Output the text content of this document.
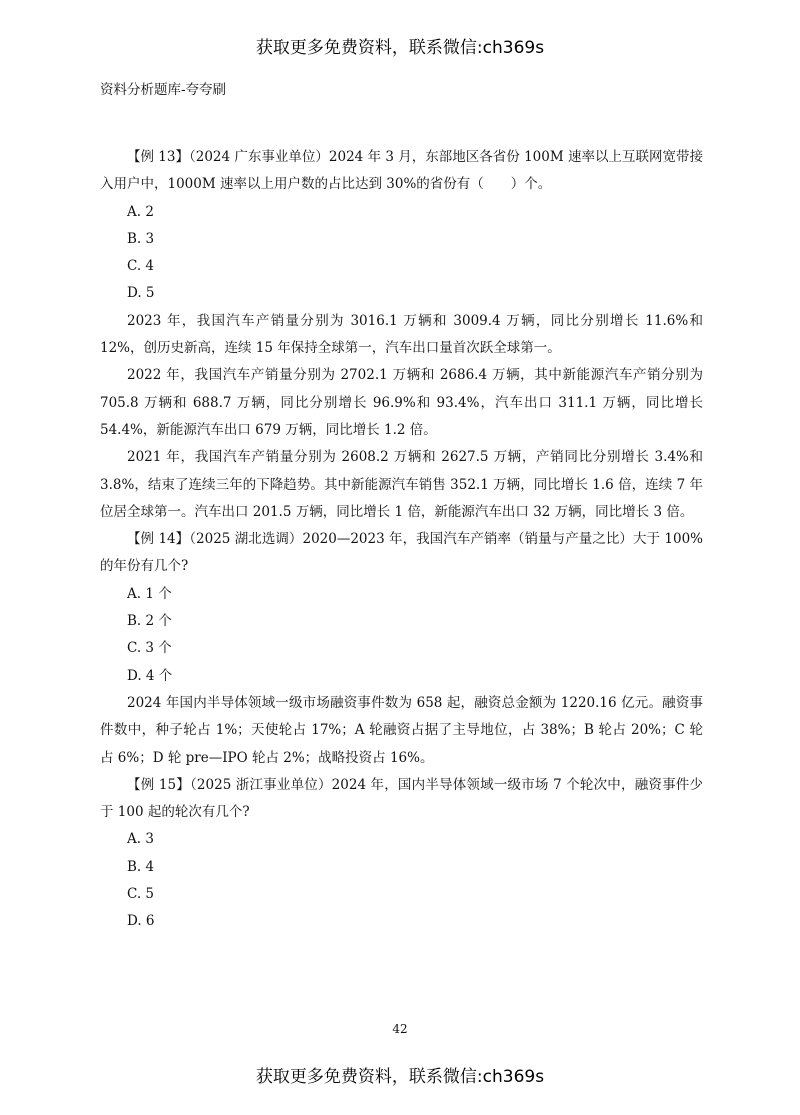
获取更多免费资料，联系微信:ch369s
资料分析题库-夸夸刷

【例 13】（2024 广东事业单位）2024 年 3 月，东部地区各省份 100M 速率以上互联网宽带接入用户中，1000M 速率以上用户数的占比达到 30%的省份有（　　）个。

A. 2

B. 3

C. 4

D. 5

2023 年，我国汽车产销量分别为 3016.1 万辆和 3009.4 万辆，同比分别增长 11.6%和 12%，创历史新高，连续 15 年保持全球第一，汽车出口量首次跃全球第一。

2022 年，我国汽车产销量分别为 2702.1 万辆和 2686.4 万辆，其中新能源汽车产销分别为 705.8 万辆和 688.7 万辆，同比分别增长 96.9%和 93.4%，汽车出口 311.1 万辆，同比增长 54.4%，新能源汽车出口 679 万辆，同比增长 1.2 倍。

2021 年，我国汽车产销量分别为 2608.2 万辆和 2627.5 万辆，产销同比分别增长 3.4%和 3.8%，结束了连续三年的下降趋势。其中新能源汽车销售 352.1 万辆，同比增长 1.6 倍，连续 7 年位居全球第一。汽车出口 201.5 万辆，同比增长 1 倍，新能源汽车出口 32 万辆，同比增长 3 倍。

【例 14】（2025 湖北选调）2020—2023 年，我国汽车产销率（销量与产量之比）大于 100%的年份有几个?

A. 1 个

B. 2 个

C. 3 个

D. 4 个

2024 年国内半导体领域一级市场融资事件数为 658 起，融资总金额为 1220.16 亿元。融资事件数中，种子轮占 1%；天使轮占 17%；A 轮融资占据了主导地位，占 38%；B 轮占 20%；C 轮占 6%；D 轮 pre—IPO 轮占 2%；战略投资占 16%。

【例 15】（2025 浙江事业单位）2024 年，国内半导体领域一级市场 7 个轮次中，融资事件少于 100 起的轮次有几个?

A. 3

B. 4

C. 5

D. 6

42
获取更多免费资料，联系微信:ch369s
